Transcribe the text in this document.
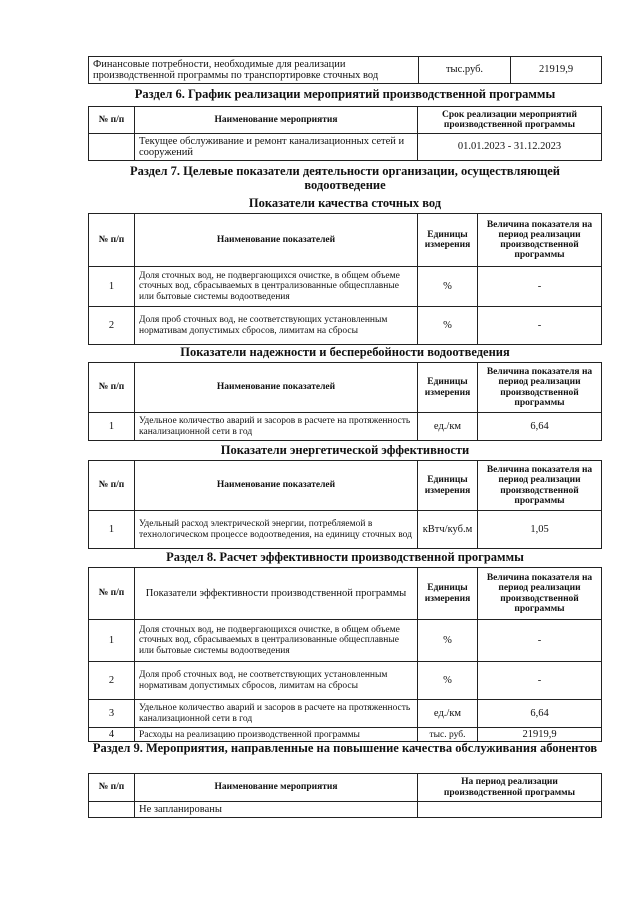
Финансовые потребности, необходимые для реализации производственной программы по транспортировке сточных вод	тыс.руб.	21919,9
Раздел 6. График реализации мероприятий производственной программы
№ п/п	Наименование мероприятия	Срок реализации мероприятий производственной программы
	Текущее обслуживание и ремонт канализационных сетей и сооружений	01.01.2023 - 31.12.2023
Раздел 7. Целевые показатели деятельности организации, осуществляющей водоотведение
Показатели качества сточных вод
№ п/п	Наименование показателей	Единицы измерения	Величина показателя на период реализации производственной программы
1	Доля сточных вод, не подвергающихся очистке, в общем объеме сточных вод, сбрасываемых в централизованные общесплавные или бытовые системы водоотведения	%	-
2	Доля проб сточных вод, не соответствующих установленным нормативам допустимых сбросов, лимитам на сбросы	%	-
Показатели надежности и бесперебойности водоотведения
№ п/п	Наименование показателей	Единицы измерения	Величина показателя на период реализации производственной программы
1	Удельное количество аварий и засоров в расчете на протяженность канализационной сети в год	ед./км	6,64
Показатели энергетической эффективности
№ п/п	Наименование показателей	Единицы измерения	Величина показателя на период реализации производственной программы
1	Удельный расход электрической энергии, потребляемой в технологическом процессе водоотведения, на единицу сточных вод	кВтч/куб.м	1,05
Раздел 8. Расчет эффективности производственной программы
№ п/п	Показатели эффективности производственной программы	Единицы измерения	Величина показателя на период реализации производственной программы
1	Доля сточных вод, не подвергающихся очистке, в общем объеме сточных вод, сбрасываемых в централизованные общесплавные или бытовые системы водоотведения	%	-
2	Доля проб сточных вод, не соответствующих установленным нормативам допустимых сбросов, лимитам на сбросы	%	-
3	Удельное количество аварий и засоров в расчете на протяженность канализационной сети в год	ед./км	6,64
4	Расходы на реализацию производственной программы	тыс. руб.	21919,9
Раздел 9. Мероприятия, направленные на повышение качества обслуживания абонентов
№ п/п	Наименование мероприятия	На период реализации производственной программы
	Не запланированы	
